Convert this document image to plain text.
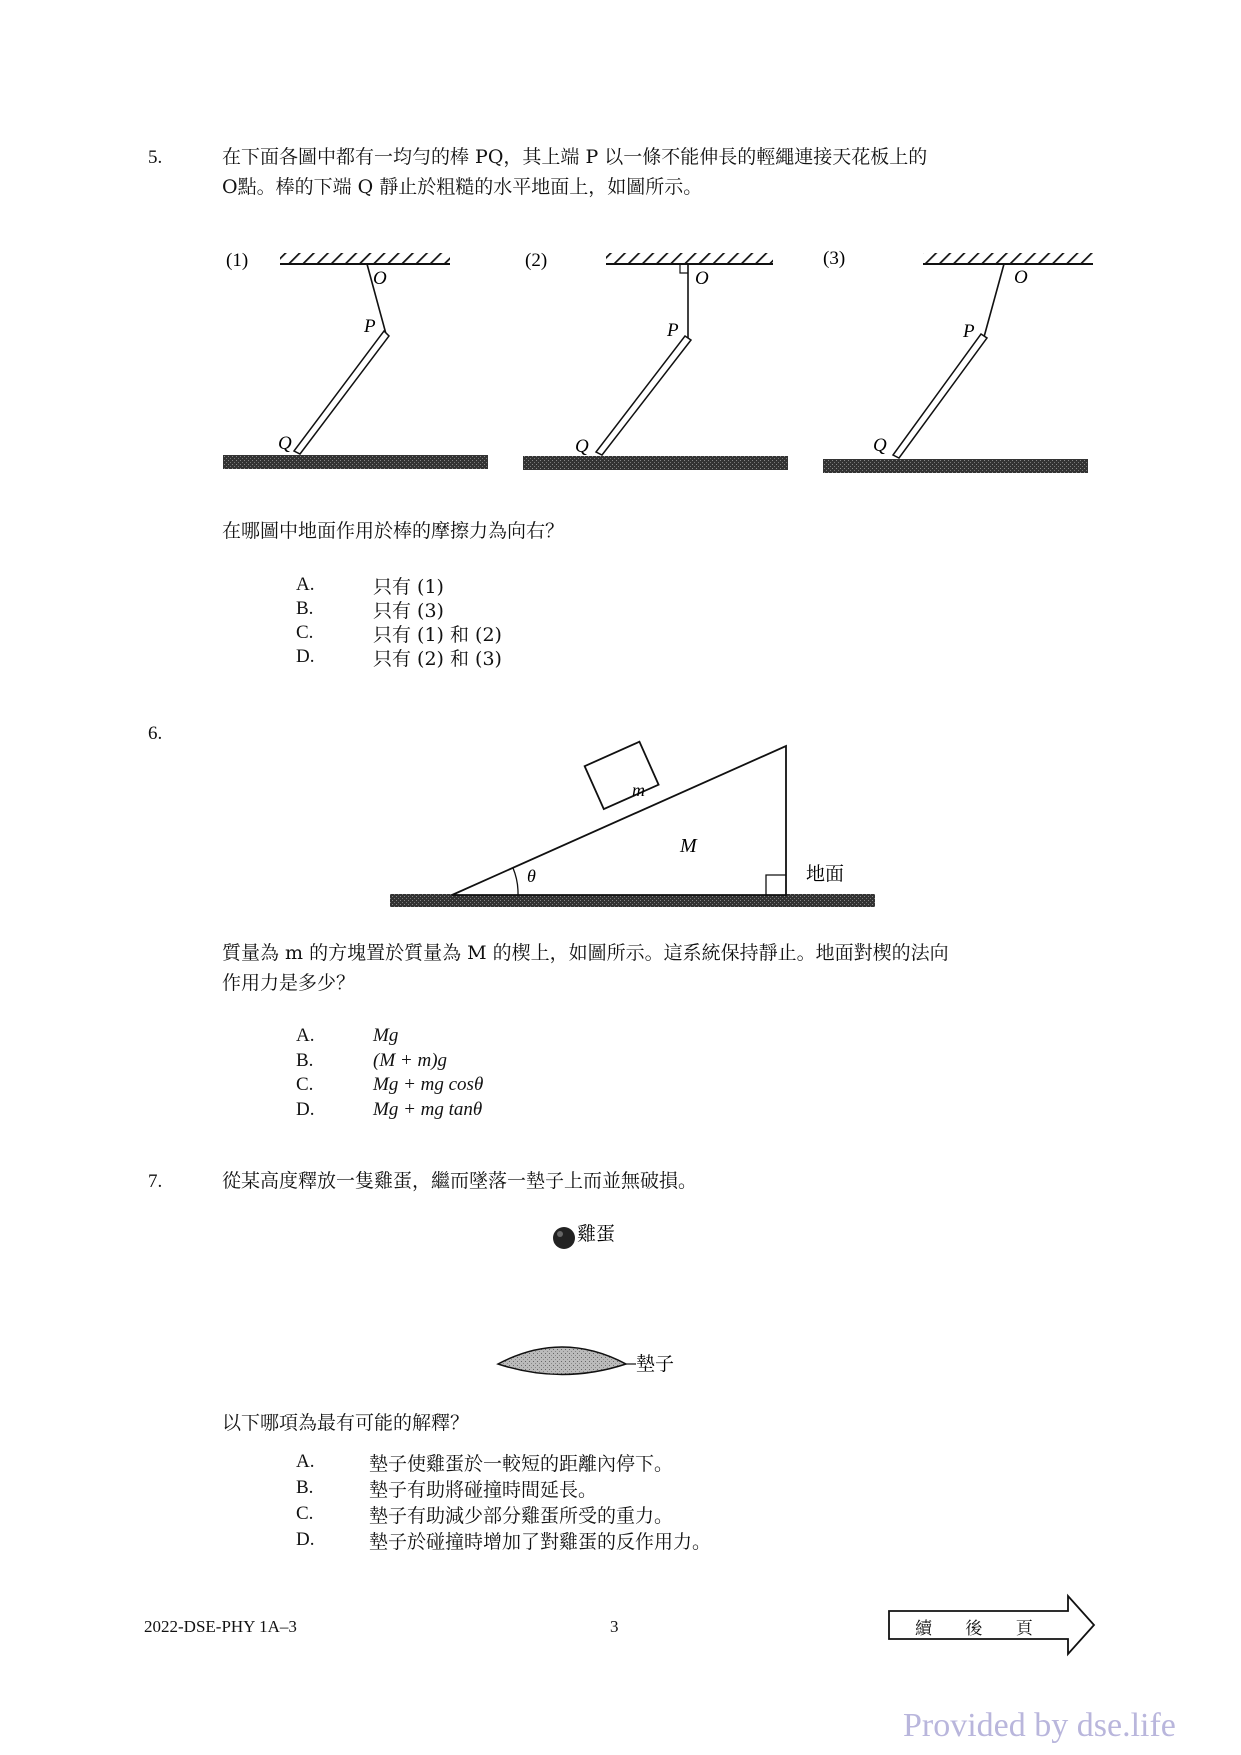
5.	在下面各圖中都有一均勻的棒 PQ，其上端 P 以一條不能伸長的輕繩連接天花板上的
O點。棒的下端 Q 靜止於粗糙的水平地面上，如圖所示。
(1)
O
P
Q
(2)
O
P
Q
(3)
O
P
Q
m
M
θ	地面
雞蛋
墊子
在哪圖中地面作用於棒的摩擦力為向右？
A.	只有 (1)
B.	只有 (3)
C.	只有 (1) 和 (2)
D.	只有 (2) 和 (3)
6.
質量為 m 的方塊置於質量為 M 的楔上，如圖所示。這系統保持靜止。地面對楔的法向
作用力是多少？
A.	Mg
B.	(M + m)g
C.	Mg + mg cosθ
D.	Mg + mg tanθ
7.	從某高度釋放一隻雞蛋，繼而墜落一墊子上而並無破損。
以下哪項為最有可能的解釋？
A.	墊子使雞蛋於一較短的距離內停下。
B.	墊子有助將碰撞時間延長。
C.	墊子有助減少部分雞蛋所受的重力。
D.	墊子於碰撞時增加了對雞蛋的反作用力。
2022-DSE-PHY 1A–3	3	續 後 頁
Provided by dse.life
